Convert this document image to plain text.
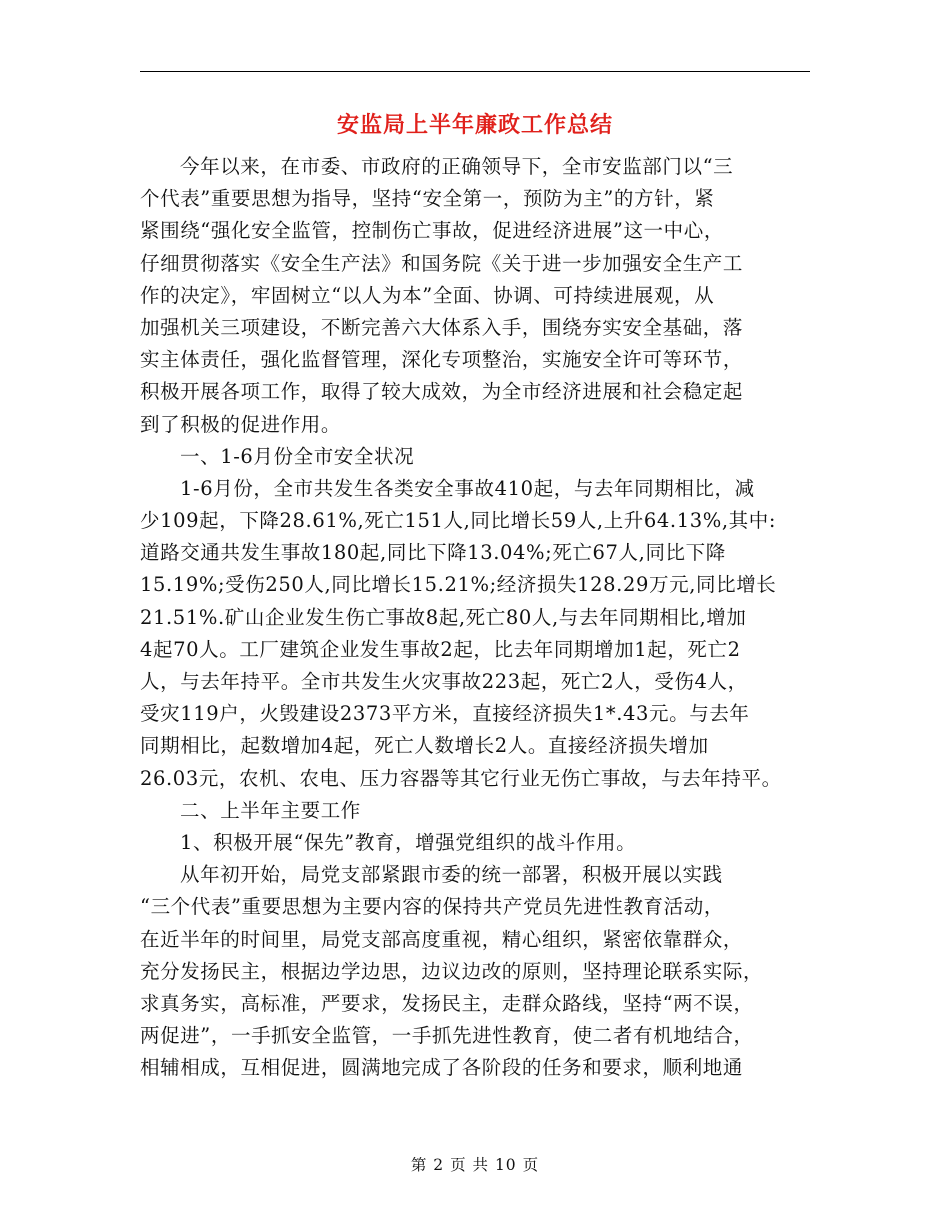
安监局上半年廉政工作总结
今年以来，在市委、市政府的正确领导下，全市安监部门以“三
个代表”重要思想为指导，坚持“安全第一，预防为主”的方针，紧
紧围绕“强化安全监管，控制伤亡事故，促进经济进展”这一中心，
仔细贯彻落实《安全生产法》和国务院《关于进一步加强安全生产工
作的决定》，牢固树立“以人为本”全面、协调、可持续进展观，从
加强机关三项建设，不断完善六大体系入手，围绕夯实安全基础，落
实主体责任，强化监督管理，深化专项整治，实施安全许可等环节，
积极开展各项工作，取得了较大成效，为全市经济进展和社会稳定起
到了积极的促进作用。
一、1-6月份全市安全状况
1-6月份，全市共发生各类安全事故410起，与去年同期相比，减
少109起，下降28.61%,死亡151人,同比增长59人,上升64.13%,其中:
道路交通共发生事故180起,同比下降13.04%;死亡67人,同比下降
15.19%;受伤250人,同比增长15.21%;经济损失128.29万元,同比增长
21.51%.矿山企业发生伤亡事故8起,死亡80人,与去年同期相比,增加
4起70人。工厂建筑企业发生事故2起，比去年同期增加1起，死亡2
人，与去年持平。全市共发生火灾事故223起，死亡2人，受伤4人，
受灾119户，火毁建设2373平方米，直接经济损失1*.43元。与去年
同期相比，起数增加4起，死亡人数增长2人。直接经济损失增加
26.03元，农机、农电、压力容器等其它行业无伤亡事故，与去年持平。
二、上半年主要工作
1、积极开展“保先”教育，增强党组织的战斗作用。
从年初开始，局党支部紧跟市委的统一部署，积极开展以实践
“三个代表”重要思想为主要内容的保持共产党员先进性教育活动，
在近半年的时间里，局党支部高度重视，精心组织，紧密依靠群众，
充分发扬民主，根据边学边思，边议边改的原则，坚持理论联系实际，
求真务实，高标准，严要求，发扬民主，走群众路线，坚持“两不误，
两促进”，一手抓安全监管，一手抓先进性教育，使二者有机地结合，
相辅相成，互相促进，圆满地完成了各阶段的任务和要求，顺利地通
第 2 页 共 10 页
